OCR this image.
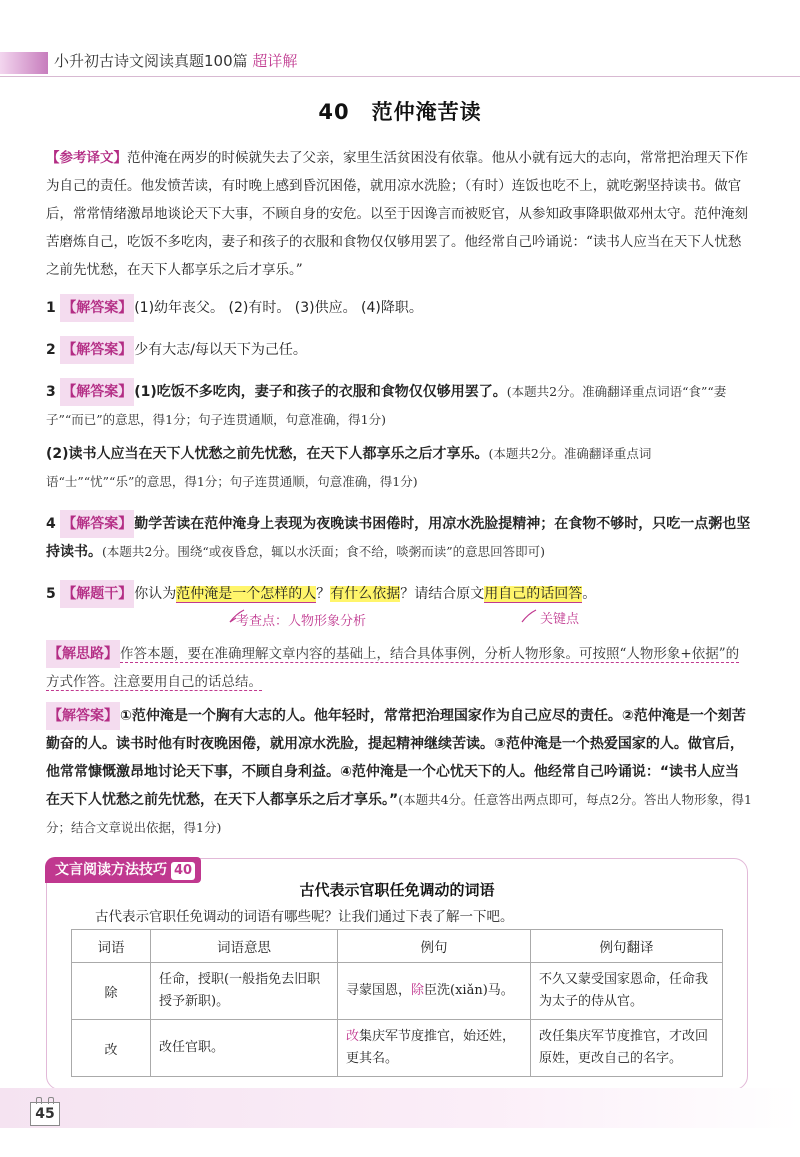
小升初古诗文阅读真题100篇 超详解
40　范仲淹苦读
【参考译文】范仲淹在两岁的时候就失去了父亲，家里生活贫困没有依靠。他从小就有远大的志向，常常把治理天下作为自己的责任。他发愤苦读，有时晚上感到昏沉困倦，就用凉水洗脸；（有时）连饭也吃不上，就吃粥坚持读书。做官后，常常情绪激昂地谈论天下大事，不顾自身的安危。以至于因谗言而被贬官，从参知政事降职做邓州太守。范仲淹刻苦磨炼自己，吃饭不多吃肉，妻子和孩子的衣服和食物仅仅够用罢了。他经常自己吟诵说：“读书人应当在天下人忧愁之前先忧愁，在天下人都享乐之后才享乐。”
1 【解答案】 (1)幼年丧父。 (2)有时。 (3)供应。 (4)降职。
2 【解答案】 少有大志/每以天下为己任。
3 【解答案】 (1)吃饭不多吃肉，妻子和孩子的衣服和食物仅仅够用罢了。(本题共2分。准确翻译重点词语“食”“妻子”“而已”的意思，得1分；句子连贯通顺，句意准确，得1分)
(2)读书人应当在天下人忧愁之前先忧愁，在天下人都享乐之后才享乐。(本题共2分。准确翻译重点词语“士”“忧”“乐”的意思，得1分；句子连贯通顺，句意准确，得1分)
4 【解答案】 勤学苦读在范仲淹身上表现为夜晚读书困倦时，用凉水洗脸提精神；在食物不够时，只吃一点粥也坚持读书。(本题共2分。围绕“或夜昏怠，辄以水沃面；食不给，啖粥而读”的意思回答即可)
5 【解题干】 你认为范仲淹是一个怎样的人？有什么依据？请结合原文用自己的话回答。
考查点：人物形象分析	关键点
【解思路】 作答本题，要在准确理解文章内容的基础上，结合具体事例，分析人物形象。可按照“人物形象+依据”的方式作答。注意要用自己的话总结。
【解答案】 ①范仲淹是一个胸有大志的人。他年轻时，常常把治理国家作为自己应尽的责任。②范仲淹是一个刻苦勤奋的人。读书时他有时夜晚困倦，就用凉水洗脸，提起精神继续苦读。③范仲淹是一个热爱国家的人。做官后，他常常慷慨激昂地讨论天下事，不顾自身利益。④范仲淹是一个心忧天下的人。他经常自己吟诵说：“读书人应当在天下人忧愁之前先忧愁，在天下人都享乐之后才享乐。”(本题共4分。任意答出两点即可，每点2分。答出人物形象，得1分；结合文章说出依据，得1分)
文言阅读方法技巧 40
古代表示官职任免调动的词语
古代表示官职任免调动的词语有哪些呢？让我们通过下表了解一下吧。
词语	词语意思	例句	例句翻译
除	任命，授职(一般指免去旧职授予新职)。	寻蒙国恩，除臣洗(xiǎn)马。	不久又蒙受国家恩命，任命我为太子的侍从官。
改	改任官职。	改集庆军节度推官，始还姓，更其名。	改任集庆军节度推官，才改回原姓，更改自己的名字。
45
